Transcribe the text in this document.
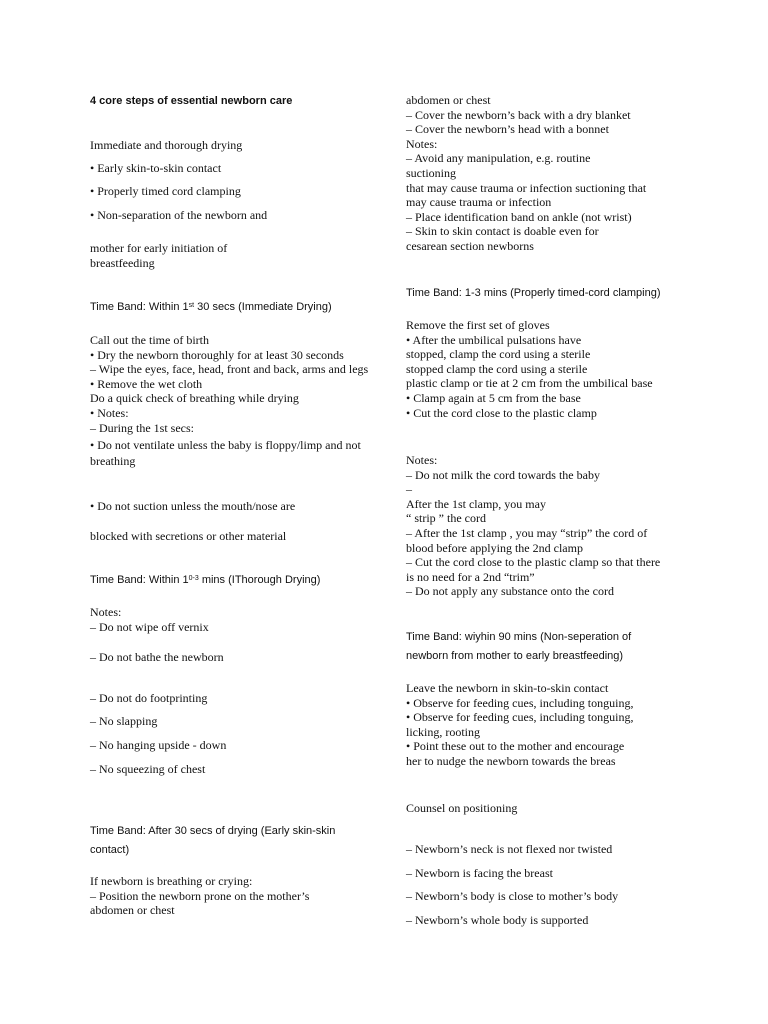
4 core steps of essential newborn care
Immediate and thorough drying
• Early skin-to-skin contact
• Properly timed cord clamping
• Non-separation of the newborn and
mother for early initiation of
breastfeeding
Time Band: Within 1st 30 secs (Immediate Drying)
Call out the time of birth
• Dry the newborn thoroughly for at least 30 seconds
– Wipe the eyes, face, head, front and back, arms and legs
• Remove the wet cloth
Do a quick check of breathing while drying
• Notes:
– During the 1st secs:
• Do not ventilate unless the baby is floppy/limp and not breathing
• Do not suction unless the mouth/nose are
blocked with secretions or other material
Time Band: Within 1$^{0-3}$ mins (IThorough Drying)
Notes:
– Do not wipe off vernix
– Do not bathe the newborn
– Do not do footprinting
– No slapping
– No hanging upside - down
– No squeezing of chest
Time Band: After 30 secs of drying (Early skin-skin
contact)
If newborn is breathing or crying:
– Position the newborn prone on the mother’s
abdomen or chest
abdomen or chest
– Cover the newborn’s back with a dry blanket
– Cover the newborn’s head with a bonnet
Notes:
– Avoid any manipulation, e.g. routine
suctioning
that may cause trauma or infection suctioning that
may cause trauma or infection
– Place identification band on ankle (not wrist)
– Skin to skin contact is doable even for
cesarean section newborns
Time Band: 1-3 mins (Properly timed-cord clamping)
Remove the first set of gloves
• After the umbilical pulsations have
stopped, clamp the cord using a sterile
stopped clamp the cord using a sterile
plastic clamp or tie at 2 cm from the umbilical base
• Clamp again at 5 cm from the base
• Cut the cord close to the plastic clamp
Notes:
– Do not milk the cord towards the baby
–
After the 1st clamp, you may
“ strip ” the cord
– After the 1st clamp , you may “strip” the cord of
blood before applying the 2nd clamp
– Cut the cord close to the plastic clamp so that there
is no need for a 2nd “trim”
– Do not apply any substance onto the cord
Time Band: wiyhin 90 mins (Non-seperation of
newborn from mother to early breastfeeding)
Leave the newborn in skin-to-skin contact
• Observe for feeding cues, including tonguing,
• Observe for feeding cues, including tonguing,
licking, rooting
• Point these out to the mother and encourage
her to nudge the newborn towards the breas
Counsel on positioning
– Newborn’s neck is not flexed nor twisted
– Newborn is facing the breast
– Newborn’s body is close to mother’s body
– Newborn’s whole body is supported
